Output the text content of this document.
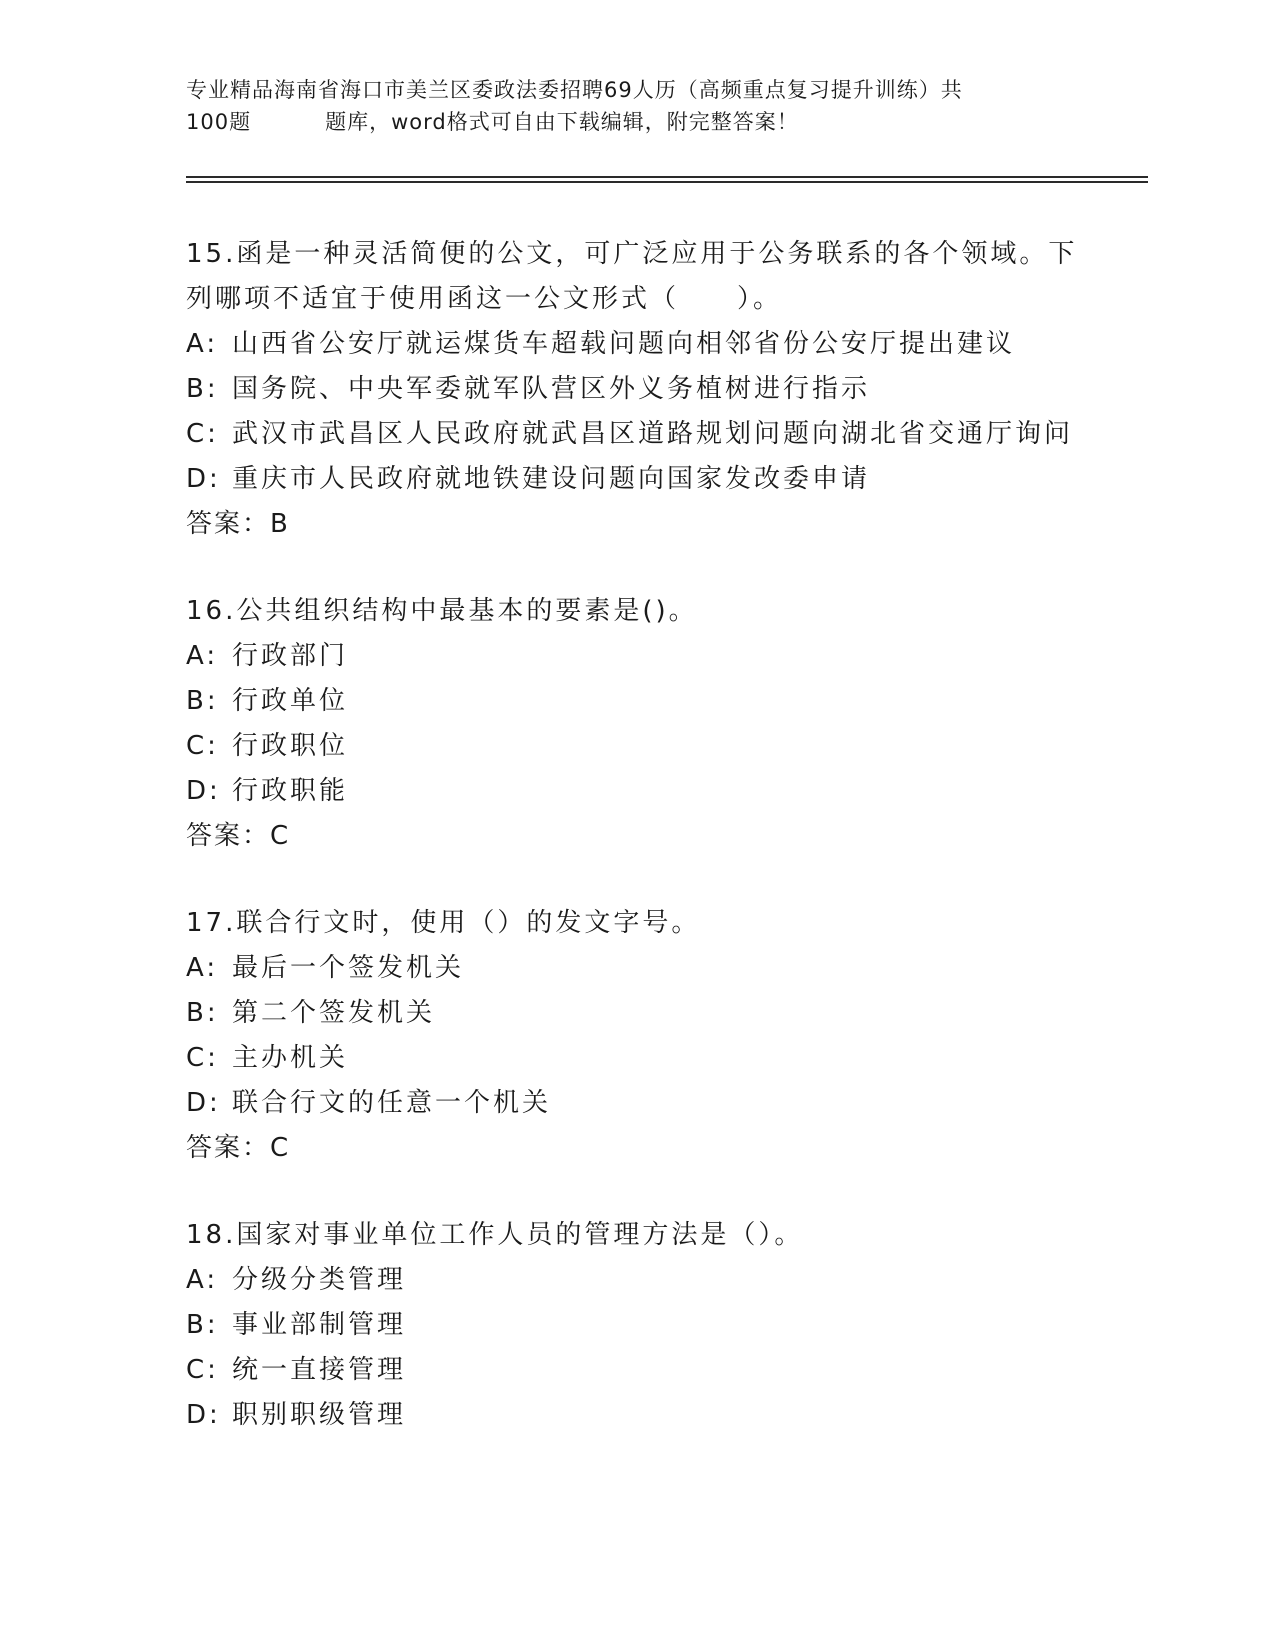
专业精品海南省海口市美兰区委政法委招聘69人历（高频重点复习提升训练）共
100题	题库，word格式可自由下载编辑，附完整答案！

15.函是一种灵活简便的公文，可广泛应用于公务联系的各个领域。下

列哪项不适宜于使用函这一公文形式（　　）。

A: 山西省公安厅就运煤货车超载问题向相邻省份公安厅提出建议

B: 国务院、中央军委就军队营区外义务植树进行指示

C: 武汉市武昌区人民政府就武昌区道路规划问题向湖北省交通厅询问

D: 重庆市人民政府就地铁建设问题向国家发改委申请

答案：B

16.公共组织结构中最基本的要素是()。

A: 行政部门

B: 行政单位

C: 行政职位

D: 行政职能

答案：C

17.联合行文时，使用（）的发文字号。

A: 最后一个签发机关

B: 第二个签发机关

C: 主办机关

D: 联合行文的任意一个机关

答案：C

18.国家对事业单位工作人员的管理方法是（）。

A: 分级分类管理

B: 事业部制管理

C: 统一直接管理

D: 职别职级管理
